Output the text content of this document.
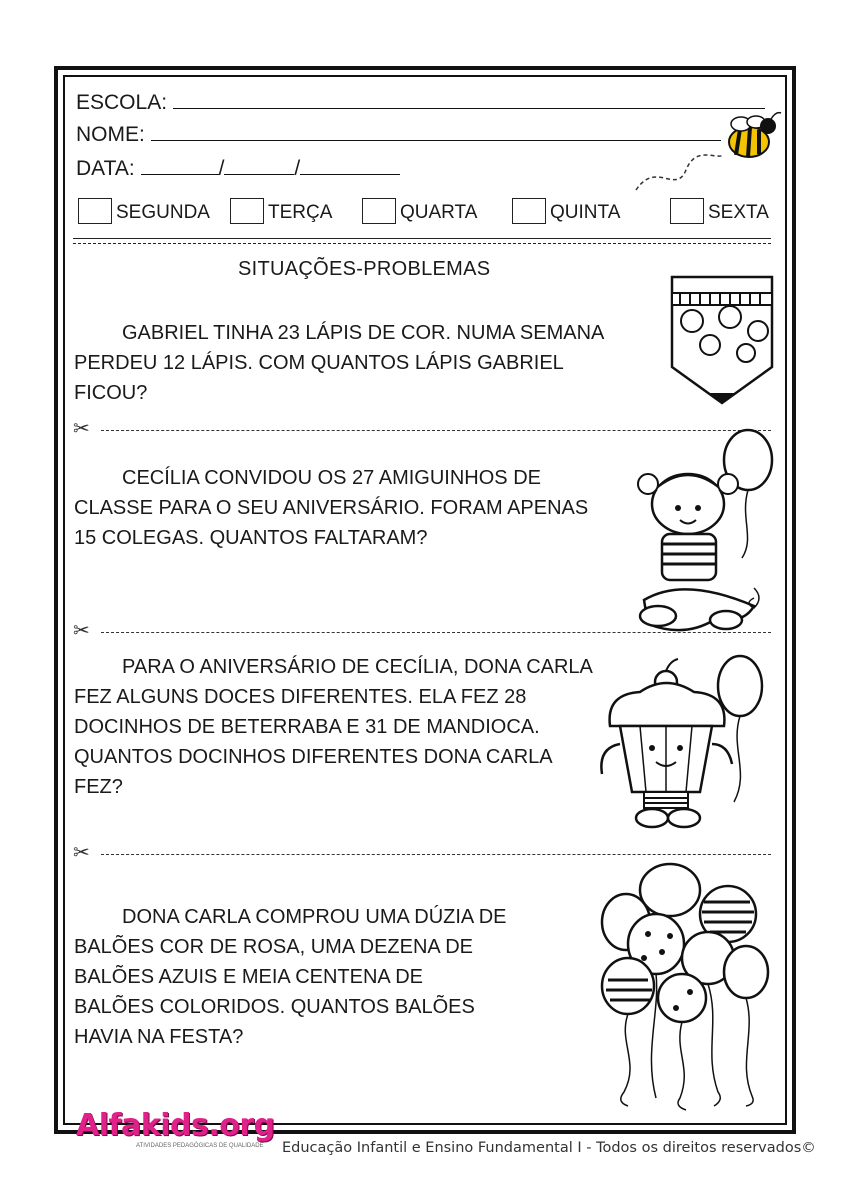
ESCOLA:
NOME:
DATA:	/	/
SEGUNDA	TERÇA	QUARTA	QUINTA	SEXTA
SITUAÇÕES-PROBLEMAS
GABRIEL TINHA 23 LÁPIS DE COR. NUMA SEMANA
PERDEU 12 LÁPIS. COM QUANTOS LÁPIS GABRIEL
FICOU?
✂
CECÍLIA CONVIDOU OS 27 AMIGUINHOS DE
CLASSE PARA O SEU ANIVERSÁRIO. FORAM APENAS
15 COLEGAS. QUANTOS FALTARAM?
✂
PARA O ANIVERSÁRIO DE CECÍLIA, DONA CARLA
FEZ ALGUNS DOCES DIFERENTES. ELA FEZ 28
DOCINHOS DE BETERRABA E 31 DE MANDIOCA.
QUANTOS DOCINHOS DIFERENTES DONA CARLA
FEZ?
✂
DONA CARLA COMPROU UMA DÚZIA DE
BALÕES COR DE ROSA, UMA DEZENA DE
BALÕES AZUIS E MEIA CENTENA DE
BALÕES COLORIDOS. QUANTOS BALÕES
HAVIA NA FESTA?
Alfakids.org
ATIVIDADES PEDAGÓGICAS DE QUALIDADE Educação Infantil e Ensino Fundamental I - Todos os direitos reservados©
